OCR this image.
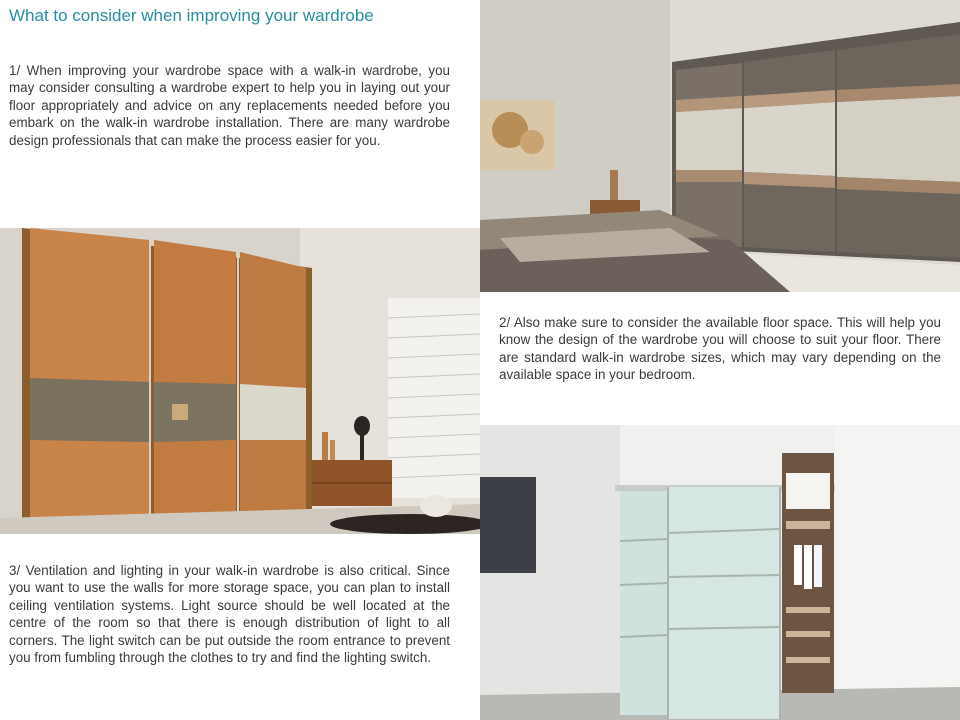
What to consider when improving your wardrobe

1/ When improving your wardrobe space with a walk-in wardrobe, you may consider consulting a wardrobe expert to help you in laying out your floor appropriately and advice on any replacements needed before you embark on the walk-in wardrobe installation. There are many wardrobe design professionals that can make the process easier for you.

2/ Also make sure to consider the available floor space. This will help you know the design of the wardrobe you will choose to suit your floor. There are standard walk-in wardrobe sizes, which may vary depending on the available space in your bedroom.

3/ Ventilation and lighting in your walk-in wardrobe is also critical. Since you want to use the walls for more storage space, you can plan to install ceiling ventilation systems. Light source should be well located at the centre of the room so that there is enough distribution of light to all corners. The light switch can be put outside the room entrance to prevent you from fumbling through the clothes to try and find the lighting switch.
